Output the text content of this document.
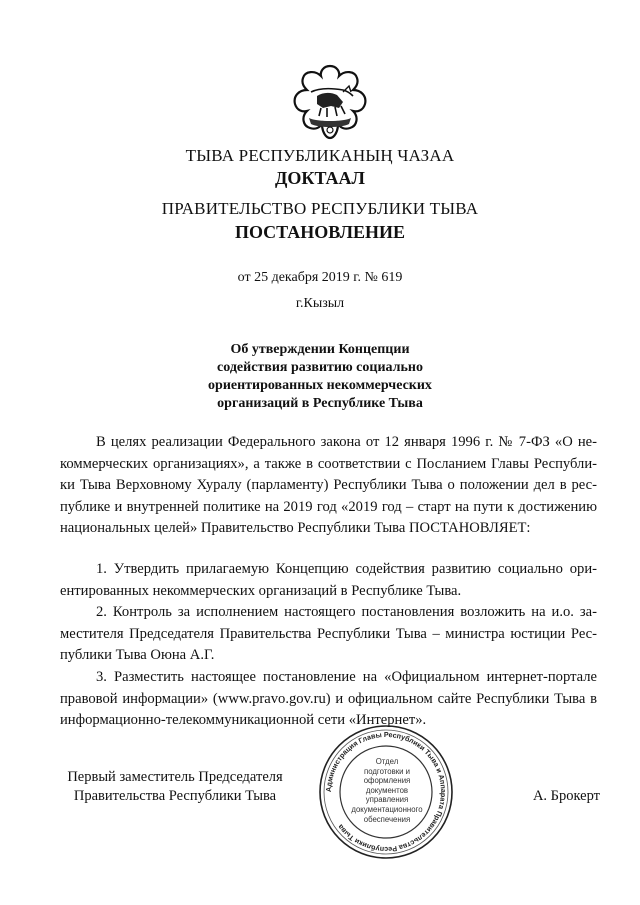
ТЫВА РЕСПУБЛИКАНЫҢ ЧАЗАА
ДОКТААЛ
ПРАВИТЕЛЬСТВО РЕСПУБЛИКИ ТЫВА
ПОСТАНОВЛЕНИЕ
от 25 декабря 2019 г. № 619
г.Кызыл
Об утверждении Концепции
содействия развитию социально
ориентированных некоммерческих
организаций в Республике Тыва

В целях реализации Федерального закона от 12 января 1996 г. № 7-ФЗ «О не-

коммерческих организациях», а также в соответствии с Посланием Главы Республи-
ки Тыва Верховному Хуралу (парламенту) Республики Тыва о положении дел в рес-
публике и внутренней политике на 2019 год «2019 год – старт на пути к достижению
национальных целей» Правительство Республики Тыва ПОСТАНОВЛЯЕТ:

1. Утвердить прилагаемую Концепцию содействия развитию социально ори-

ентированных некоммерческих организаций в Республике Тыва.

2. Контроль за исполнением настоящего постановления возложить на и.о. за-

местителя Председателя Правительства Республики Тыва – министра юстиции Рес-
публики Тыва Оюна А.Г.

3. Разместить настоящее постановление на «Официальном интернет-портале

правовой информации» (www.pravo.gov.ru) и официальном сайте Республики Тыва в
информационно-телекоммуникационной сети «Интернет».
Первый заместитель Председателя
Правительства Республики Тыва	А. Брокерт
Администрация Главы Республики Тыва и Аппарата Правительства Республики Тыва
Отдел
подготовки и
оформления документов
управления
документационного
обеспечения
